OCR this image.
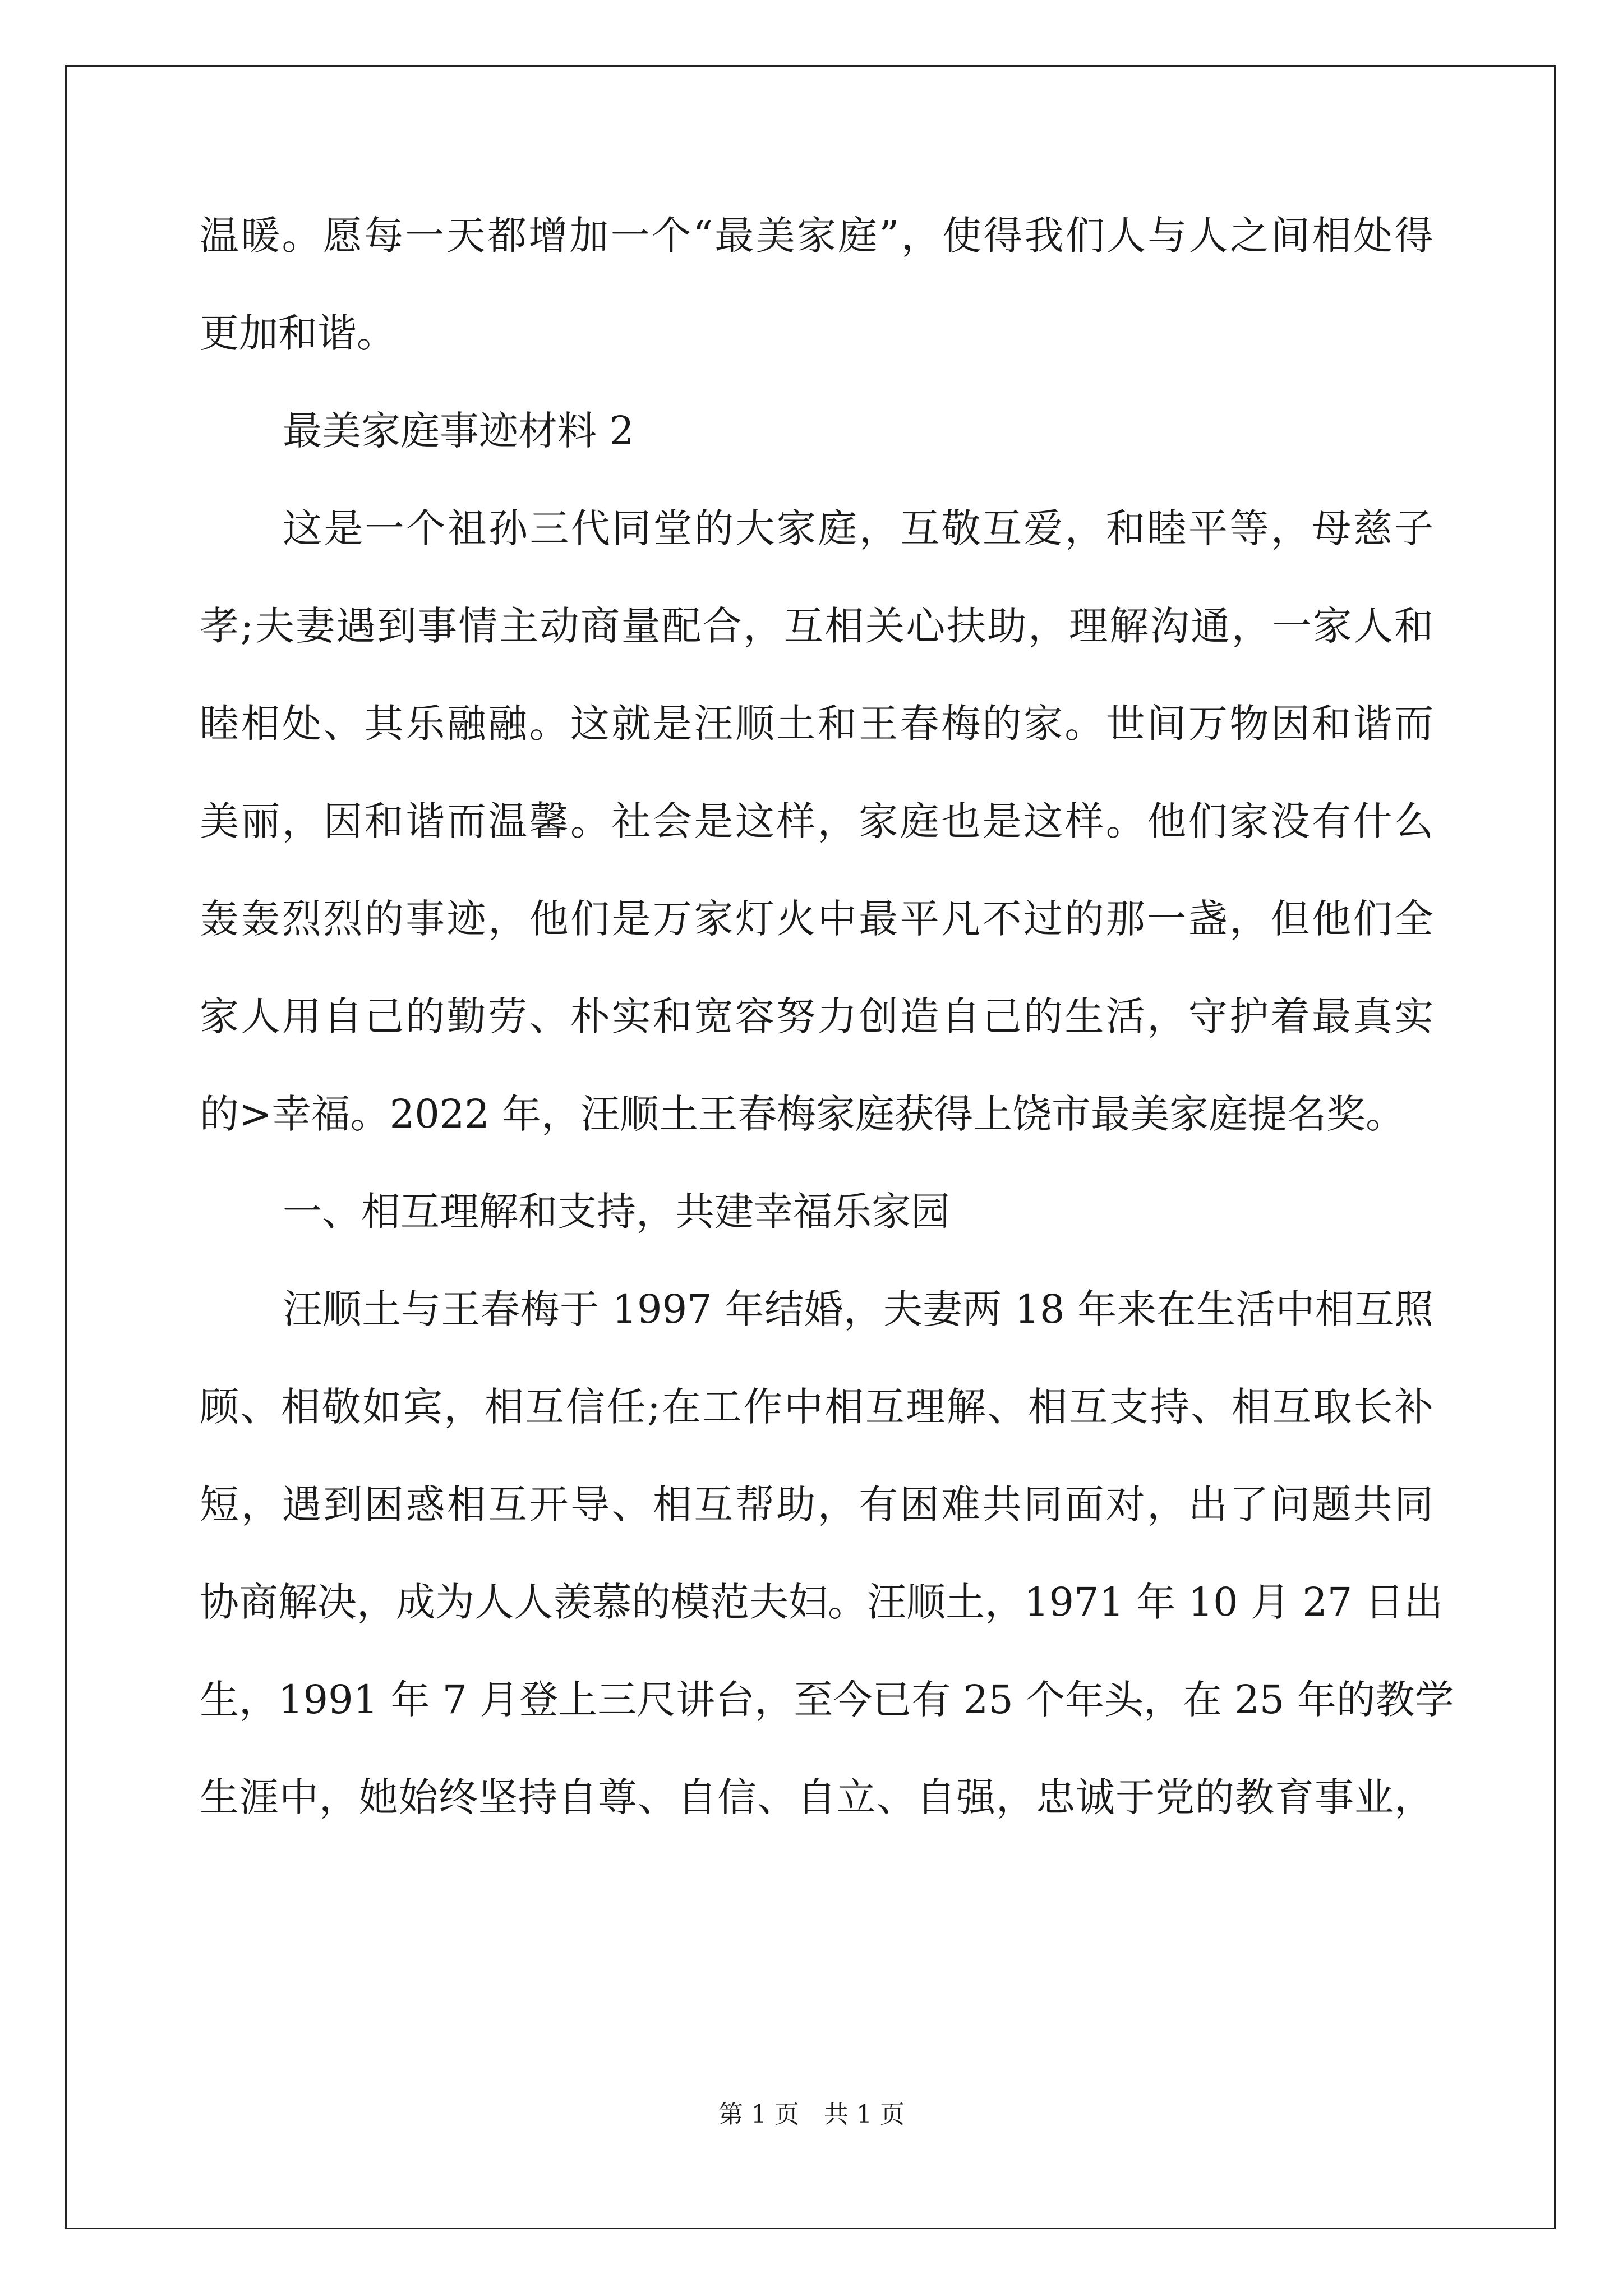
温暖。愿每一天都增加一个“最美家庭”，使得我们人与人之间相处得
更加和谐。
最美家庭事迹材料 2
这是一个祖孙三代同堂的大家庭，互敬互爱，和睦平等，母慈子
孝;夫妻遇到事情主动商量配合，互相关心扶助，理解沟通，一家人和
睦相处、其乐融融。这就是汪顺土和王春梅的家。世间万物因和谐而
美丽，因和谐而温馨。社会是这样，家庭也是这样。他们家没有什么
轰轰烈烈的事迹，他们是万家灯火中最平凡不过的那一盏，但他们全
家人用自己的勤劳、朴实和宽容努力创造自己的生活，守护着最真实
的>幸福。2022 年，汪顺土王春梅家庭获得上饶市最美家庭提名奖。
一、相互理解和支持，共建幸福乐家园
汪顺土与王春梅于 1997 年结婚，夫妻两 18 年来在生活中相互照
顾、相敬如宾，相互信任;在工作中相互理解、相互支持、相互取长补
短，遇到困惑相互开导、相互帮助，有困难共同面对，出了问题共同
协商解决，成为人人羡慕的模范夫妇。汪顺土，1971 年 10 月 27 日出
生，1991 年 7 月登上三尺讲台，至今已有 25 个年头，在 25 年的教学
生涯中，她始终坚持自尊、自信、自立、自强，忠诚于党的教育事业，
第 1 页　共 1 页
